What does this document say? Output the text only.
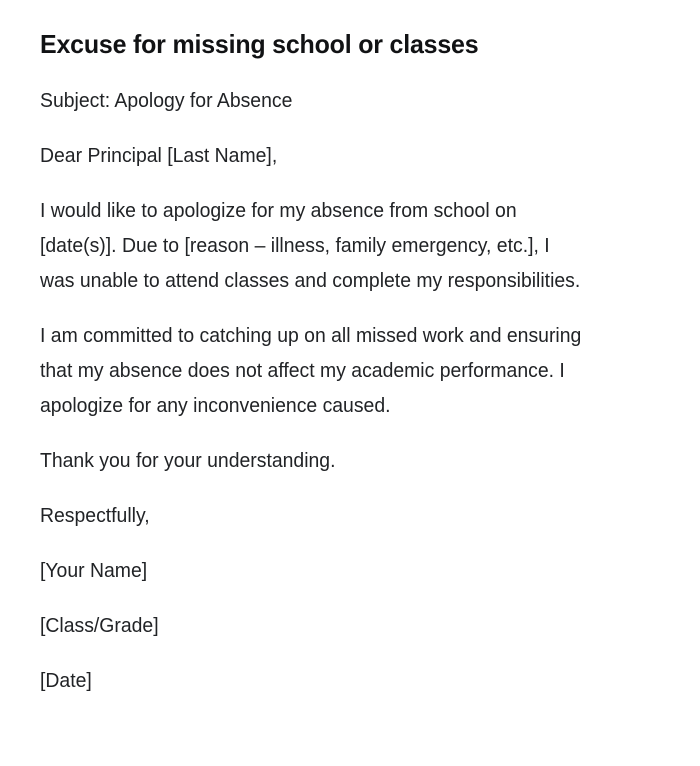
Excuse for missing school or classes

Subject: Apology for Absence

Dear Principal [Last Name],

I would like to apologize for my absence from school on [date(s)]. Due to [reason – illness, family emergency, etc.], I was unable to attend classes and complete my responsibilities.

I am committed to catching up on all missed work and ensuring that my absence does not affect my academic performance. I apologize for any inconvenience caused.

Thank you for your understanding.

Respectfully,

[Your Name]

[Class/Grade]

[Date]
